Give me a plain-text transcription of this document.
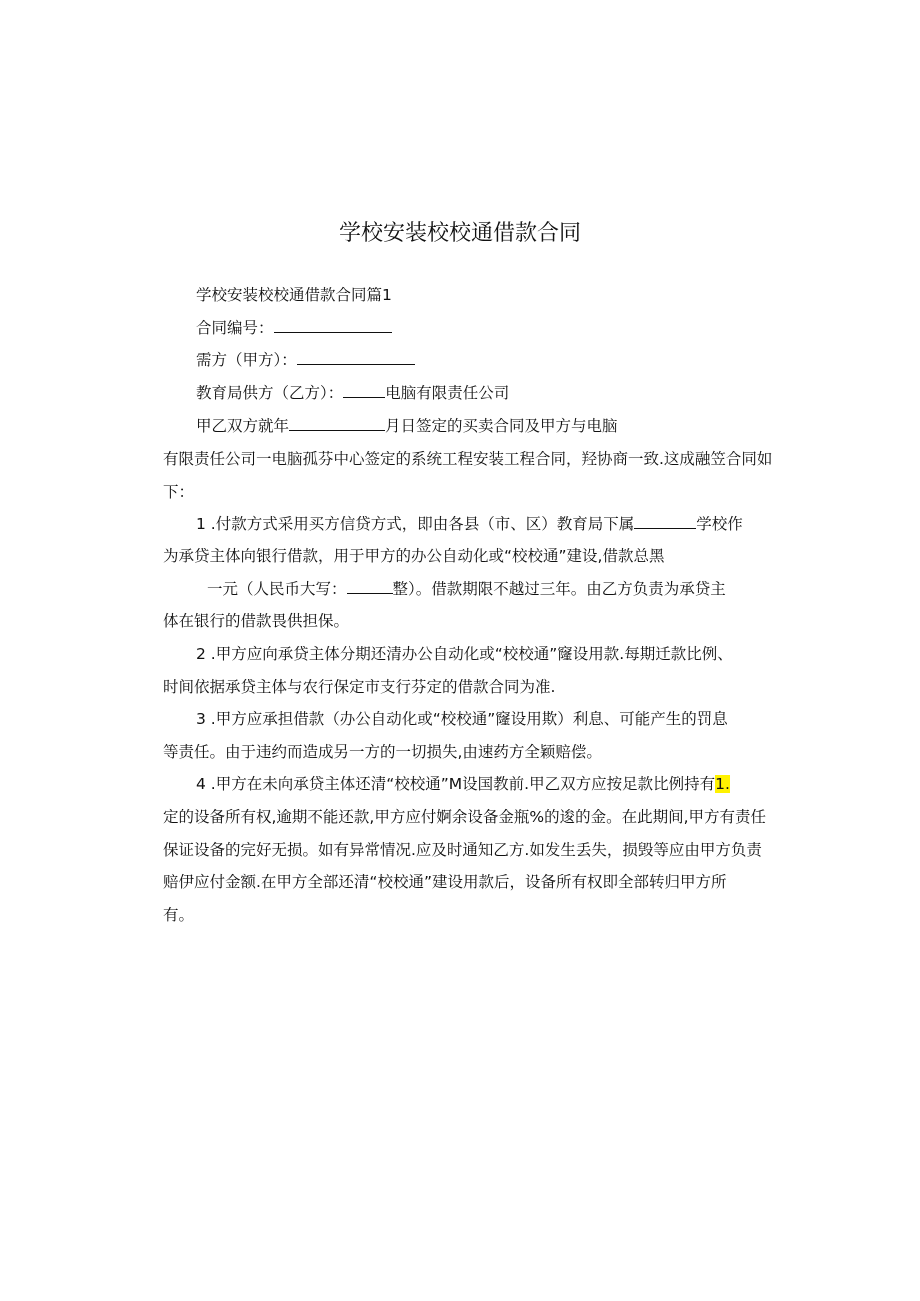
学校安装校校通借款合同
学校安装校校通借款合同篇1
合同编号：
需方（甲方）：
教育局供方（乙方）：	电脑有限责任公司
甲乙双方就年	月日签定的买卖合同及甲方与电脑
有限责任公司一电脑孤芬中心签定的系统工程安装工程合同，羟协商一致.这成融笠合同如
下：
1 .付款方式采用买方信贷方式，即由各县（市、区）教育局下属	学校作
为承贷主体向银行借款，用于甲方的办公自动化或“校校通”建设,借款总黑
一元（人民币大写：	整）。借款期限不越过三年。由乙方负责为承贷主
体在银行的借款畏供担保。
2 .甲方应向承贷主体分期还清办公自动化或“校校通”窿设用款.每期迁款比例、
时间依据承贷主体与农行保定市支行芬定的借款合同为准.
3 .甲方应承担借款（办公自动化或“校校通”窿设用欺）利息、可能产生的罚息
等责任。由于违约而造成另一方的一切损失,由速药方全颖赔偿。
4 .甲方在未向承贷主体还清“校校通”M设国教前.甲乙双方应按足款比例持有1.
定的设备所有权,逾期不能还款,甲方应付婀余设备金瓶%的逡的金。在此期间,甲方有责任
保证设备的完好无损。如有异常情况.应及时通知乙方.如发生丢失，损毁等应由甲方负责
赔伊应付金额.在甲方全部还清“校校通”建设用款后，设备所有权即全部转归甲方所
有。
